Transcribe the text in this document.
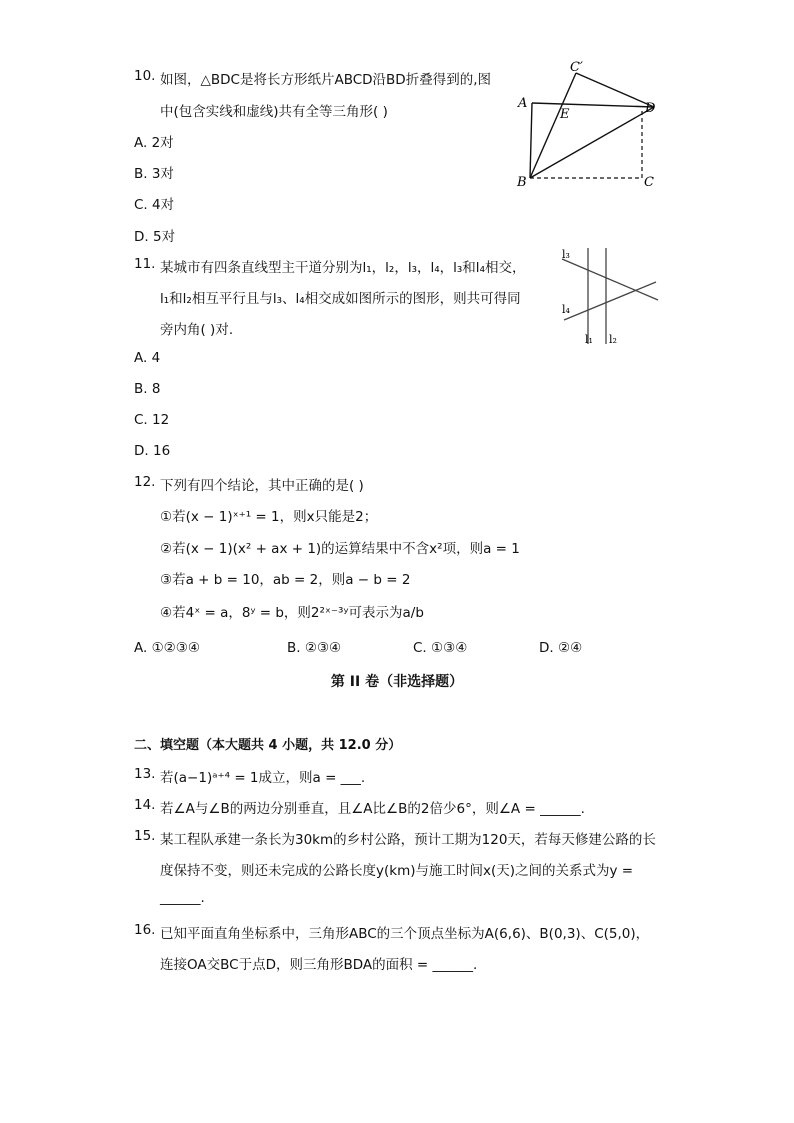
10. 如图，△BDC是将长方形纸片ABCD沿BD折叠得到的,图
中(包含实线和虚线)共有全等三角形( )
A. 2对
B. 3对
C. 4对
D. 5对
C′
A
E	D
B	C
11. 某城市有四条直线型主干道分别为l₁，l₂，l₃，l₄，l₃和l₄相交，
l₁和l₂相互平行且与l₃、l₄相交成如图所示的图形，则共可得同
旁内角( )对.
A. 4
B. 8
C. 12
D. 16
l₃
l₄
l₁ l₂
12. 下列有四个结论，其中正确的是( )
①若(x − 1)ˣ⁺¹ = 1，则x只能是2；
②若(x − 1)(x² + ax + 1)的运算结果中不含x²项，则a = 1
③若a + b = 10，ab = 2，则a − b = 2
④若4ˣ = a，8ʸ = b，则2²ˣ⁻³ʸ可表示为a/b
A. ①②③④	B. ②③④	C. ①③④	D. ②④
第 II 卷（非选择题）
二、填空题（本大题共 4 小题，共 12.0 分）
13. 若(a−1)ᵃ⁺⁴ = 1成立，则a = ___.
14. 若∠A与∠B的两边分别垂直，且∠A比∠B的2倍少6°，则∠A = ______.
15. 某工程队承建一条长为30km的乡村公路，预计工期为120天，若每天修建公路的长
度保持不变，则还未完成的公路长度y(km)与施工时间x(天)之间的关系式为y =
______.
16. 已知平面直角坐标系中，三角形ABC的三个顶点坐标为A(6,6)、B(0,3)、C(5,0)，
连接OA交BC于点D，则三角形BDA的面积 = ______.
